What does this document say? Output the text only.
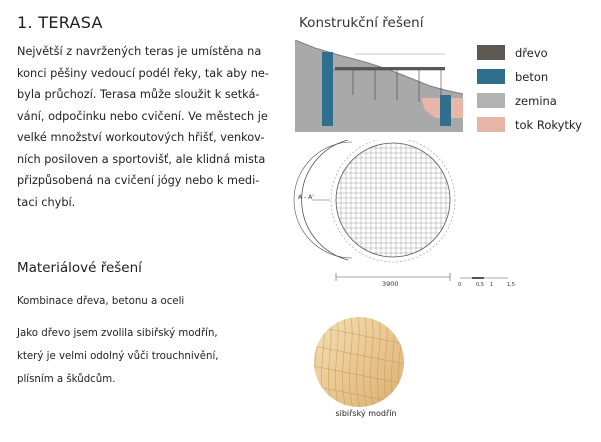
1. TERASA
Největší z navržených teras je umístěna na
konci pěšiny vedoucí podél řeky, tak aby ne-
byla průchozí. Terasa může sloužit k setká-
vání, odpočinku nebo cvičení. Ve městech je
velké množství workoutových hřišť, venkov-
ních posiloven a sportovišť, ale klidná mista
přizpůsobená na cvičení jógy nebo k medi-
taci chybí.
Materiálové řešení
Kombinace dřeva, betonu a oceli
Jako dřevo jsem zvolila sibiřský modřín,
který je velmi odolný vůči trouchnivění,
plísním a škůdcům.
Konstrukční řešení
dřevo
beton
zemina
tok Rokytky
A - A'
3900	0	0,5 1	1,5
sibiřský modřín
